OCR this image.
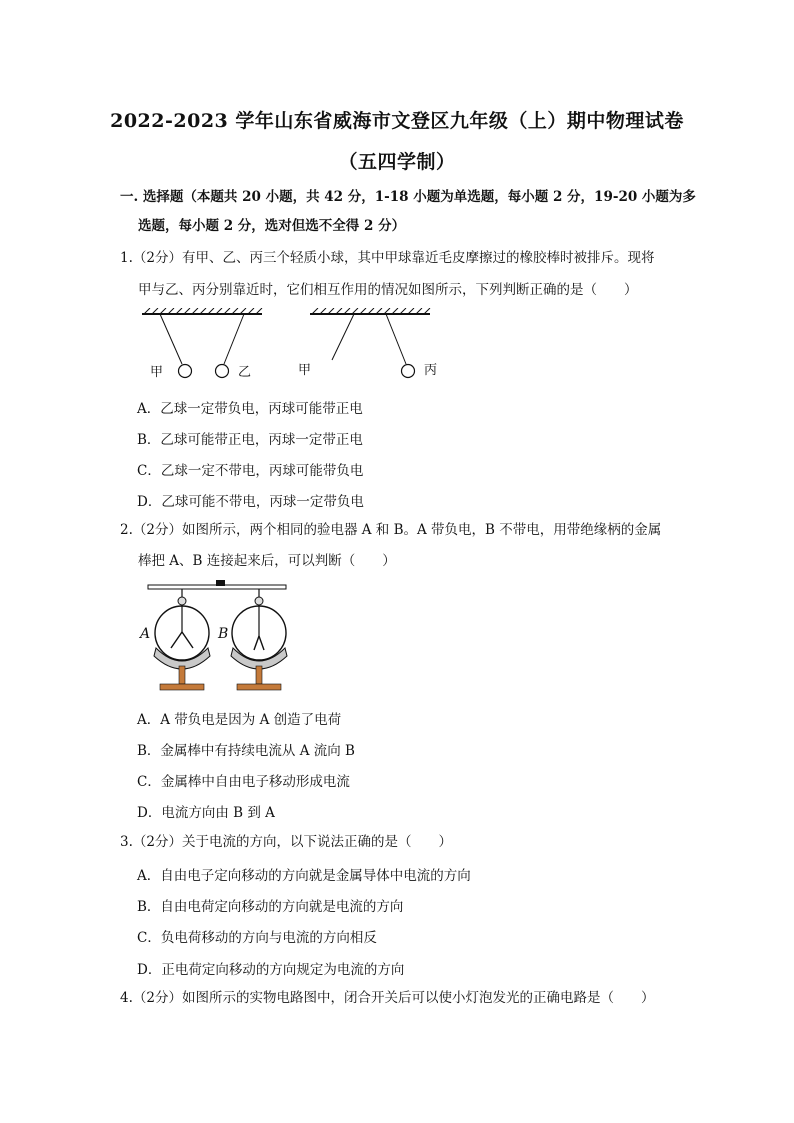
2022-2023 学年山东省威海市文登区九年级（上）期中物理试卷
（五四学制）
一. 选择题（本题共 20 小题，共 42 分，1-18 小题为单选题，每小题 2 分，19-20 小题为多
选题，每小题 2 分，选对但选不全得 2 分）
1.（2分）有甲、乙、丙三个轻质小球，其中甲球靠近毛皮摩擦过的橡胶棒时被排斥。现将
甲与乙、丙分别靠近时，它们相互作用的情况如图所示，下列判断正确的是（　　）
甲	乙	甲	丙
A．乙球一定带负电，丙球可能带正电
B．乙球可能带正电，丙球一定带正电
C．乙球一定不带电，丙球可能带负电
D．乙球可能不带电，丙球一定带负电
2.（2分）如图所示，两个相同的验电器 A 和 B。A 带负电，B 不带电，用带绝缘柄的金属
棒把 A、B 连接起来后，可以判断（　　）
A	B
A．A 带负电是因为 A 创造了电荷
B．金属棒中有持续电流从 A 流向 B
C．金属棒中自由电子移动形成电流
D．电流方向由 B 到 A
3.（2分）关于电流的方向，以下说法正确的是（　　）
A．自由电子定向移动的方向就是金属导体中电流的方向
B．自由电荷定向移动的方向就是电流的方向
C．负电荷移动的方向与电流的方向相反
D．正电荷定向移动的方向规定为电流的方向
4.（2分）如图所示的实物电路图中，闭合开关后可以使小灯泡发光的正确电路是（　　）
